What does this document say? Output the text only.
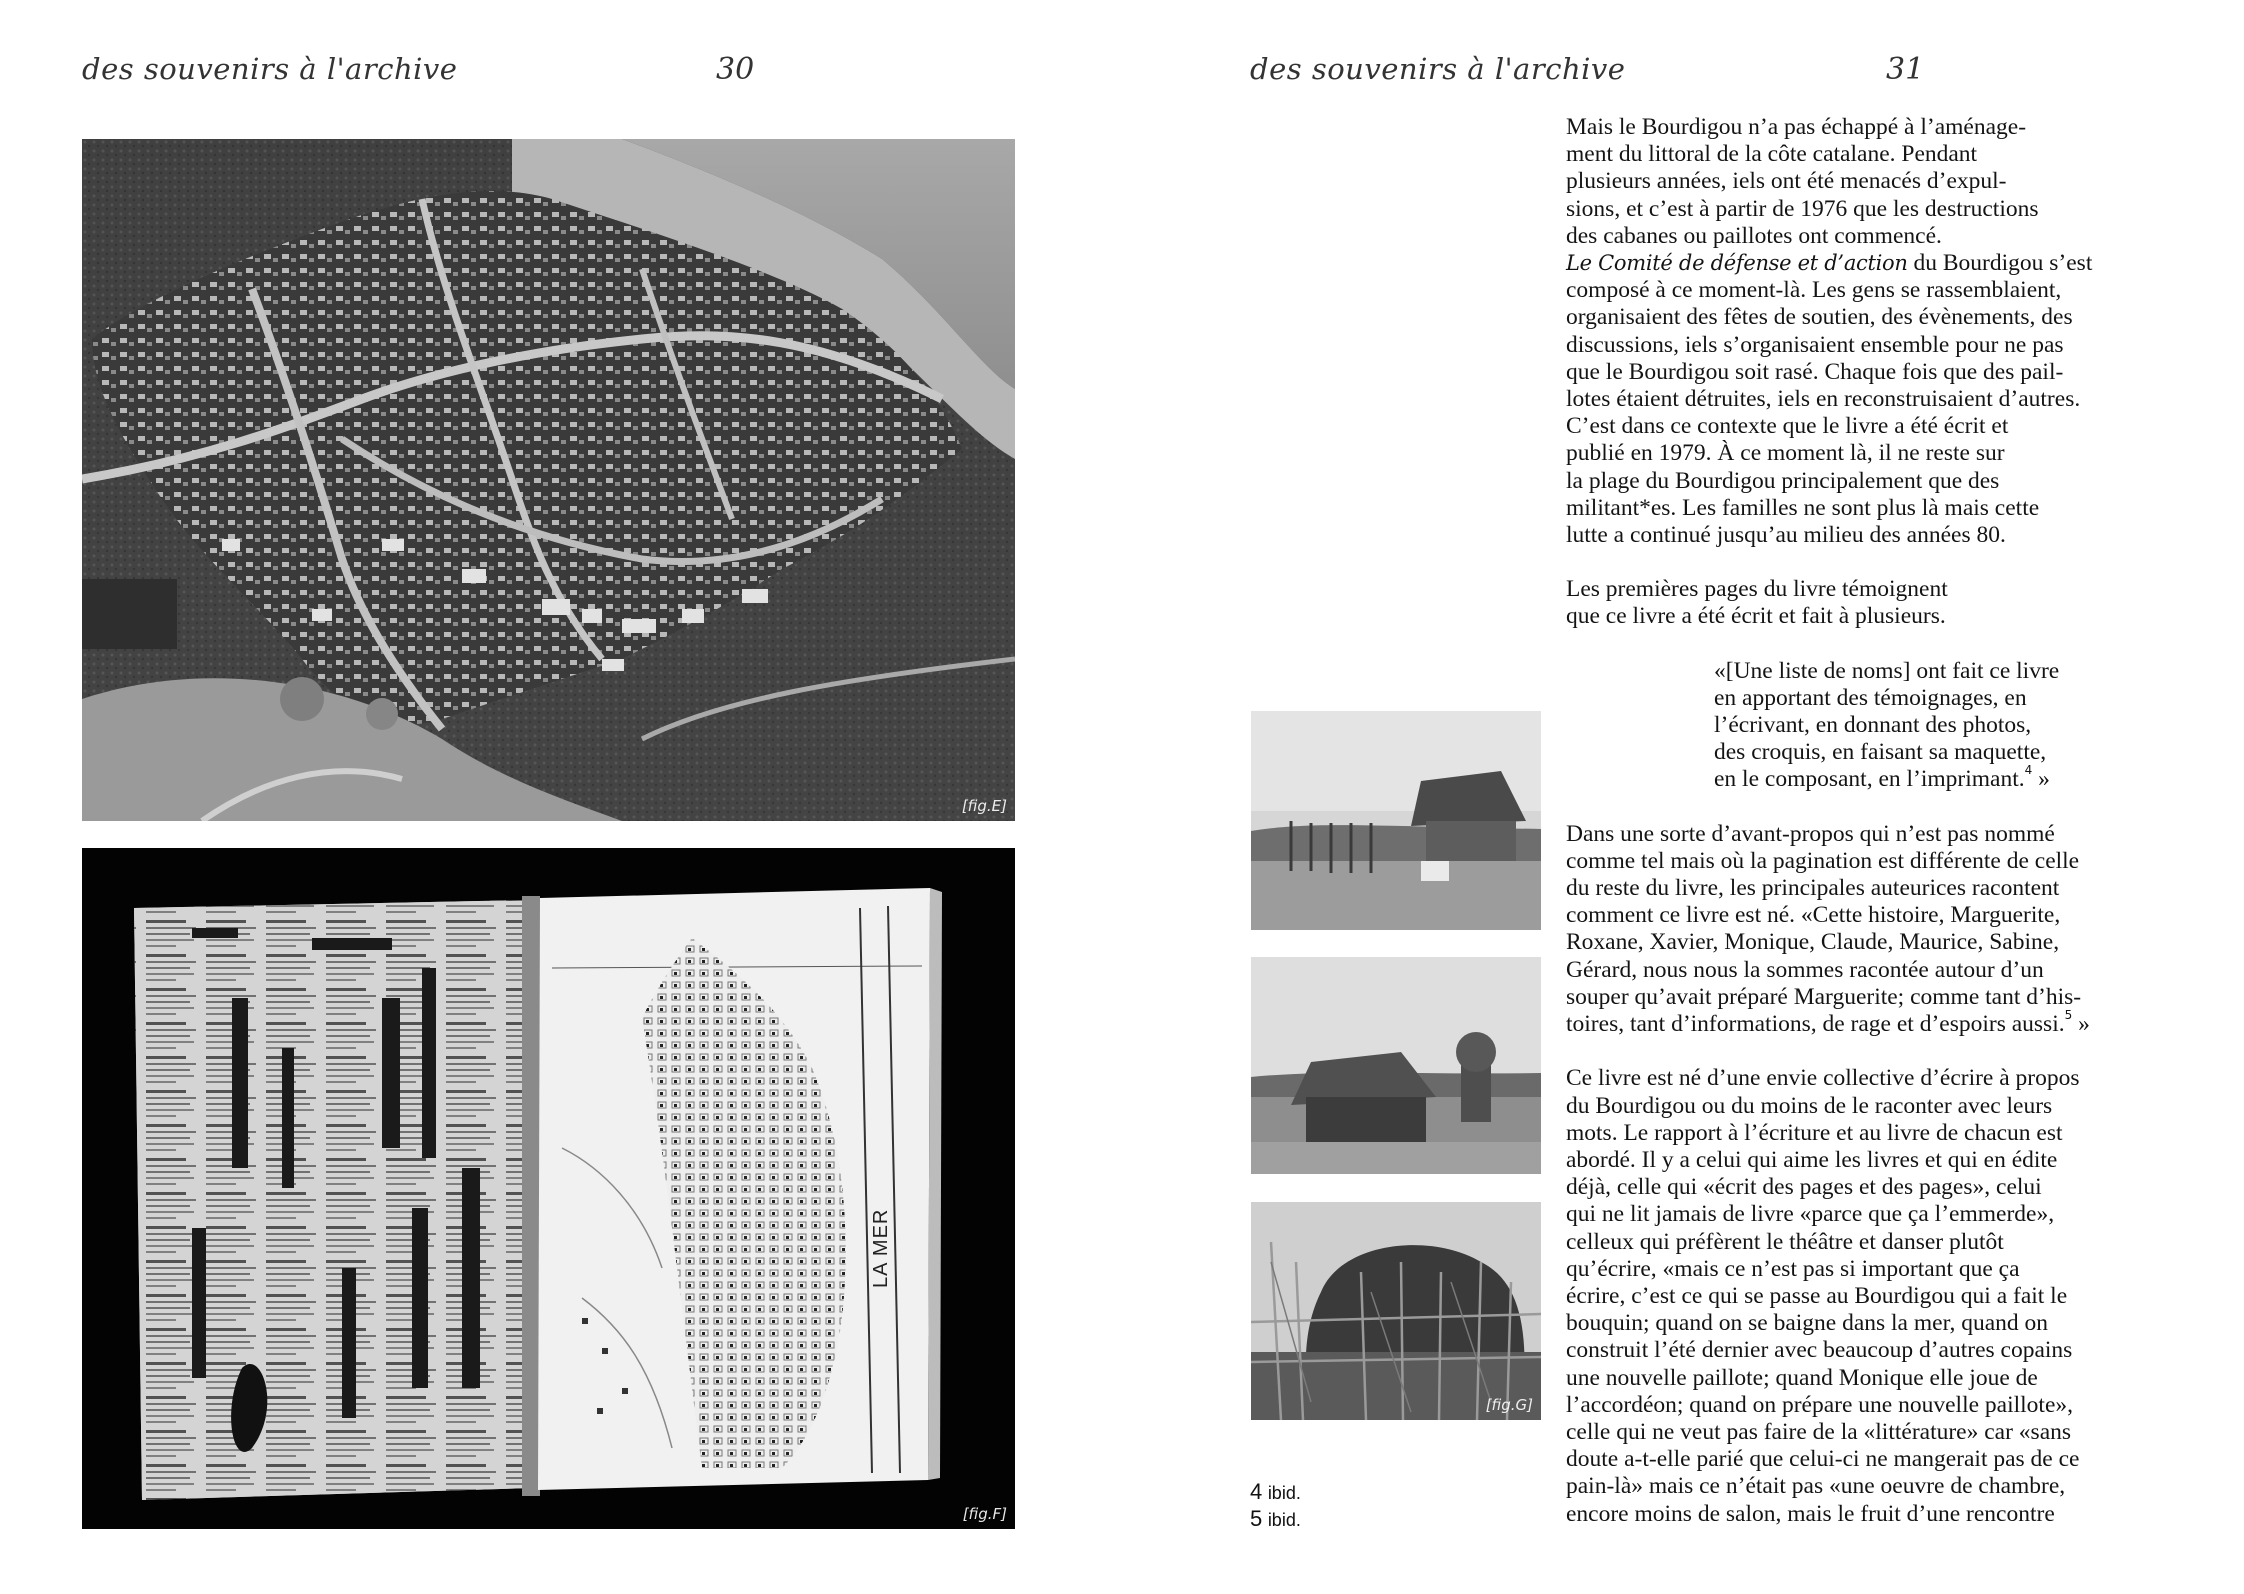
des souvenirs à l'archive	30
[fig.E]
LA MER
[fig.F]
des souvenirs à l'archive	31
[fig.G]
4 ibid.
5 ibid.

Mais le Bourdigou n’a pas échappé à l’aménage-
ment du littoral de la côte catalane. Pendant
plusieurs années, iels ont été menacés d’expul-
sions, et c’est à partir de 1976 que les destructions
des cabanes ou paillotes ont commencé.
Le Comité de défense et d’action du Bourdigou s’est
composé à ce moment-là. Les gens se rassemblaient,
organisaient des fêtes de soutien, des évènements, des
discussions, iels s’organisaient ensemble pour ne pas
que le Bourdigou soit rasé. Chaque fois que des pail-
lotes étaient détruites, iels en reconstruisaient d’autres.
C’est dans ce contexte que le livre a été écrit et
publié en 1979. À ce moment là, il ne reste sur
la plage du Bourdigou principalement que des
militant*es. Les familles ne sont plus là mais cette
lutte a continué jusqu’au milieu des années 80.

Les premières pages du livre témoignent
que ce livre a été écrit et fait à plusieurs.

«[Une liste de noms] ont fait ce livre
en apportant des témoignages, en
l’écrivant, en donnant des photos,
des croquis, en faisant sa maquette,
en le composant, en l’imprimant.$^4$ »

Dans une sorte d’avant-propos qui n’est pas nommé
comme tel mais où la pagination est différente de celle
du reste du livre, les principales auteurices racontent
comment ce livre est né. «Cette histoire, Marguerite,
Roxane, Xavier, Monique, Claude, Maurice, Sabine,
Gérard, nous nous la sommes racontée autour d’un
souper qu’avait préparé Marguerite; comme tant d’his-
toires, tant d’informations, de rage et d’espoirs aussi.$^5$ »

Ce livre est né d’une envie collective d’écrire à propos
du Bourdigou ou du moins de le raconter avec leurs
mots. Le rapport à l’écriture et au livre de chacun est
abordé. Il y a celui qui aime les livres et qui en édite
déjà, celle qui «écrit des pages et des pages», celui
qui ne lit jamais de livre «parce que ça l’emmerde»,
celleux qui préfèrent le théâtre et danser plutôt
qu’écrire, «mais ce n’est pas si important que ça
écrire, c’est ce qui se passe au Bourdigou qui a fait le
bouquin; quand on se baigne dans la mer, quand on
construit l’été dernier avec beaucoup d’autres copains
une nouvelle paillote; quand Monique elle joue de
l’accordéon; quand on prépare une nouvelle paillote»,
celle qui ne veut pas faire de la «littérature» car «sans
doute a-t-elle parié que celui-ci ne mangerait pas de ce
pain-là» mais ce n’était pas «une oeuvre de chambre,
encore moins de salon, mais le fruit d’une rencontre
